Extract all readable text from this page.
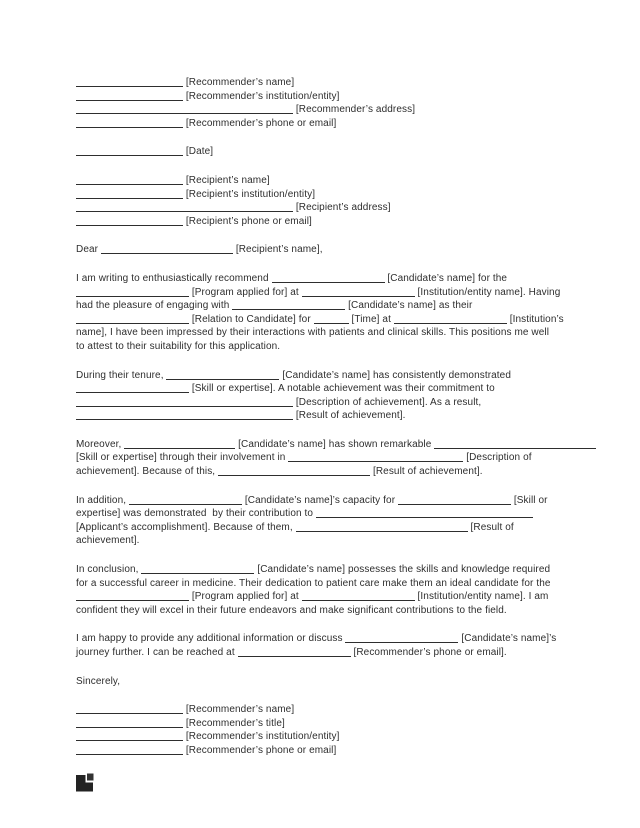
[Recommender’s name]
[Recommender’s institution/entity]
[Recommender’s address]
[Recommender’s phone or email]
[Date]
[Recipient’s name]
[Recipient’s institution/entity]
[Recipient’s address]
[Recipient’s phone or email]
Dear	[Recipient’s name],
I am writing to enthusiastically recommend	[Candidate’s name] for the
[Program applied for] at	[Institution/entity name]. Having
had the pleasure of engaging with	[Candidate’s name] as their
[Relation to Candidate] for	[Time] at	[Institution’s
name], I have been impressed by their interactions with patients and clinical skills. This positions me well
to attest to their suitability for this application.
During their tenure,	[Candidate’s name] has consistently demonstrated
[Skill or expertise]. A notable achievement was their commitment to
[Description of achievement]. As a result,
[Result of achievement].
Moreover,	[Candidate’s name] has shown remarkable
[Skill or expertise] through their involvement in	[Description of
achievement]. Because of this,	[Result of achievement].
In addition,	[Candidate’s name]’s capacity for	[Skill or
expertise] was demonstrated  by their contribution to
[Applicant’s accomplishment]. Because of them,	[Result of
achievement].
In conclusion,	[Candidate’s name] possesses the skills and knowledge required
for a successful career in medicine. Their dedication to patient care make them an ideal candidate for the
[Program applied for] at	[Institution/entity name]. I am
confident they will excel in their future endeavors and make significant contributions to the field.
I am happy to provide any additional information or discuss	[Candidate’s name]’s
journey further. I can be reached at	[Recommender’s phone or email].
Sincerely,
[Recommender’s name]
[Recommender’s title]
[Recommender’s institution/entity]
[Recommender’s phone or email]
